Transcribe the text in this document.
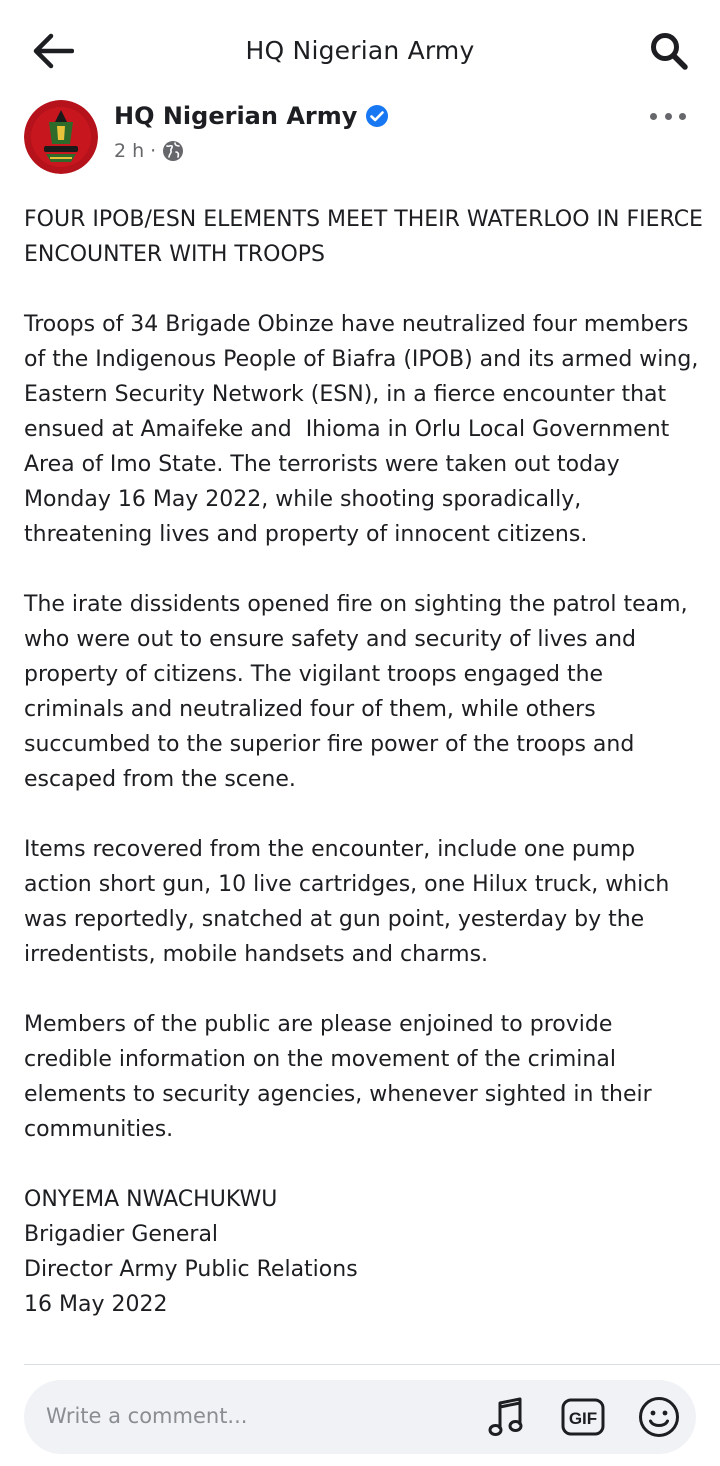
HQ Nigerian Army
HQ Nigerian Army
2 h ·

FOUR IPOB/ESN ELEMENTS MEET THEIR WATERLOO IN FIERCE ENCOUNTER WITH TROOPS

Troops of 34 Brigade Obinze have neutralized four members of the Indigenous People of Biafra (IPOB) and its armed wing, Eastern Security Network (ESN), in a fierce encounter that ensued at Amaifeke and  Ihioma in Orlu Local Government Area of Imo State. The terrorists were taken out today Monday 16 May 2022, while shooting sporadically, threatening lives and property of innocent citizens.

The irate dissidents opened fire on sighting the patrol team, who were out to ensure safety and security of lives and property of citizens. The vigilant troops engaged the criminals and neutralized four of them, while others succumbed to the superior fire power of the troops and escaped from the scene.

Items recovered from the encounter, include one pump action short gun, 10 live cartridges, one Hilux truck, which was reportedly, snatched at gun point, yesterday by the irredentists, mobile handsets and charms.

Members of the public are please enjoined to provide credible information on the movement of the criminal elements to security agencies, whenever sighted in their communities.

ONYEMA NWACHUKWU
Brigadier General
Director Army Public Relations
16 May 2022

Write a comment...
GIF
